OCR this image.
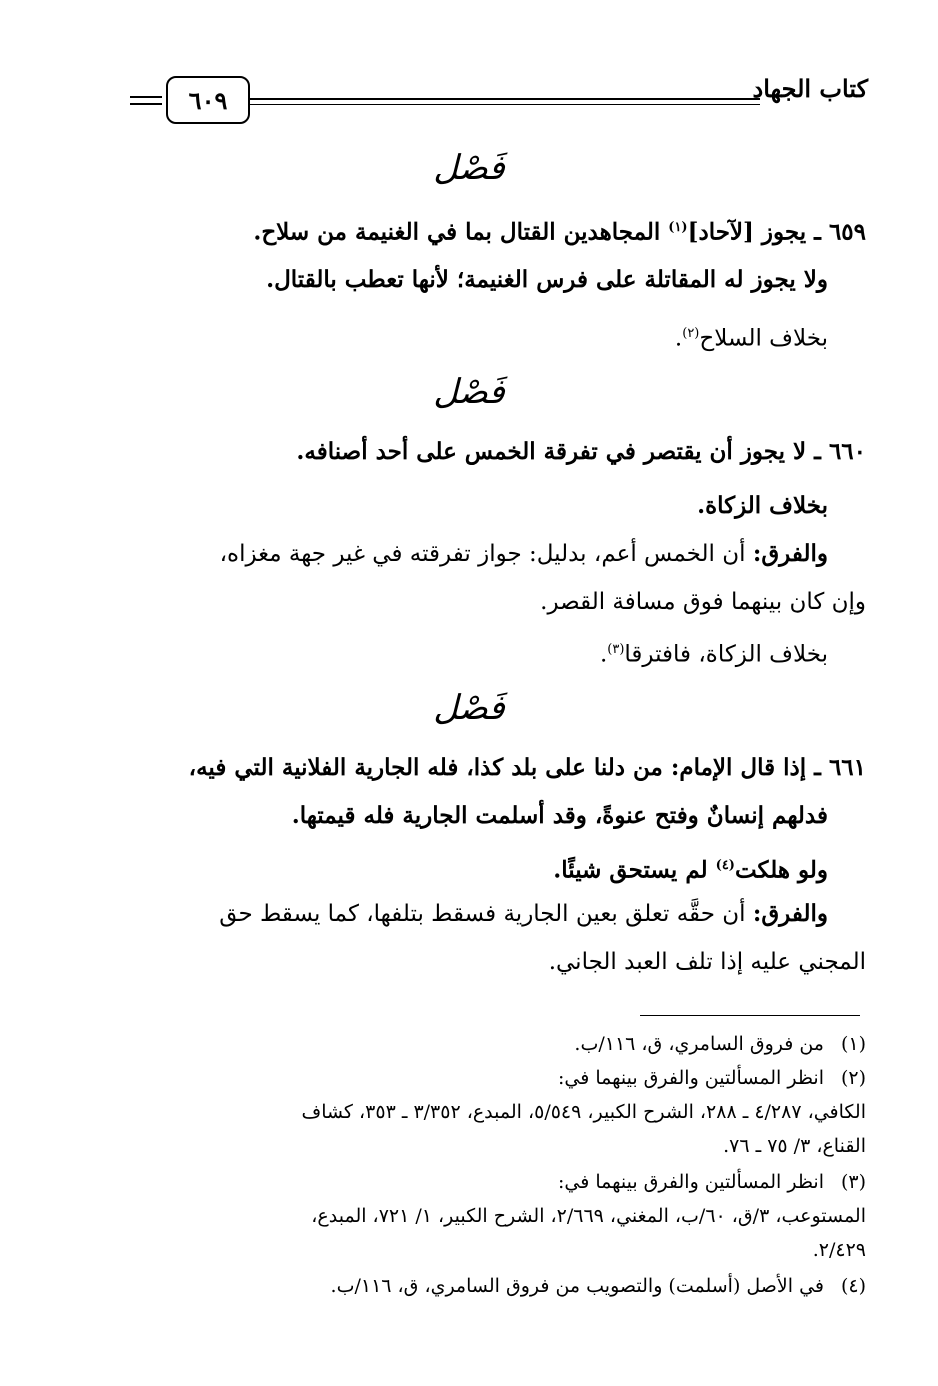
كتاب الجهاد
٦٠٩
فَصْل
٦٥٩ ـ يجوز [لآحاد]$^{(١)}$ المجاهدين القتال بما في الغنيمة من سلاح.
ولا يجوز له المقاتلة على فرس الغنيمة؛ لأنها تعطب بالقتال.
بخلاف السلاح$^{(٢)}$.
فَصْل
٦٦٠ ـ لا يجوز أن يقتصر في تفرقة الخمس على أحد أصنافه.
بخلاف الزكاة.
والفرق: أن الخمس أعم، بدليل: جواز تفرقته في غير جهة مغزاه،
وإن كان بينهما فوق مسافة القصر.
بخلاف الزكاة، فافترقا$^{(٣)}$.
فَصْل
٦٦١ ـ إذا قال الإمام: من دلنا على بلد كذا، فله الجارية الفلانية التي فيه،
فدلهم إنسانٌ وفتح عنوةً، وقد أسلمت الجارية فله قيمتها.
ولو هلكت$^{(٤)}$ لم يستحق شيئًا.
والفرق: أن حقَّه تعلق بعين الجارية فسقط بتلفها، كما يسقط حق
المجني عليه إذا تلف العبد الجاني.
(١)من فروق السامري، ق، ١١٦/ب.
(٢)انظر المسألتين والفرق بينهما في:
الكافي، ٤/٢٨٧ ـ ٢٨٨، الشرح الكبير، ٥/٥٤٩، المبدع، ٣/٣٥٢ ـ ٣٥٣، كشاف
القناع، ٣/ ٧٥ ـ ٧٦.
(٣)انظر المسألتين والفرق بينهما في:
المستوعب، ٣/ق، ٦٠/ب، المغني، ٢/٦٦٩، الشرح الكبير، ١/ ٧٢١، المبدع،
٢/٤٢٩.
(٤)في الأصل (أسلمت) والتصويب من فروق السامري، ق، ١١٦/ب.
